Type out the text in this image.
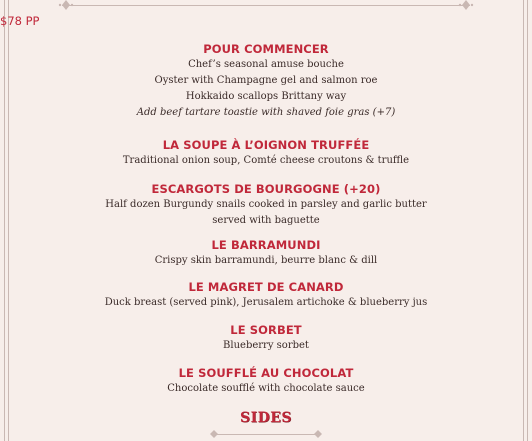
$78 PP
POUR COMMENCER

Chef’s seasonal amuse bouche

Oyster with Champagne gel and salmon roe

Hokkaido scallops Brittany way

Add beef tartare toastie with shaved foie gras (+7)

LA SOUPE À L’OIGNON TRUFFÉE

Traditional onion soup, Comté cheese croutons & truffle

ESCARGOTS DE BOURGOGNE (+20)

Half dozen Burgundy snails cooked in parsley and garlic butter

served with baguette

LE BARRAMUNDI

Crispy skin barramundi, beurre blanc & dill

LE MAGRET DE CANARD

Duck breast (served pink), Jerusalem artichoke & blueberry jus

LE SORBET

Blueberry sorbet

LE SOUFFLÉ AU CHOCOLAT

Chocolate soufflé with chocolate sauce

SIDES
